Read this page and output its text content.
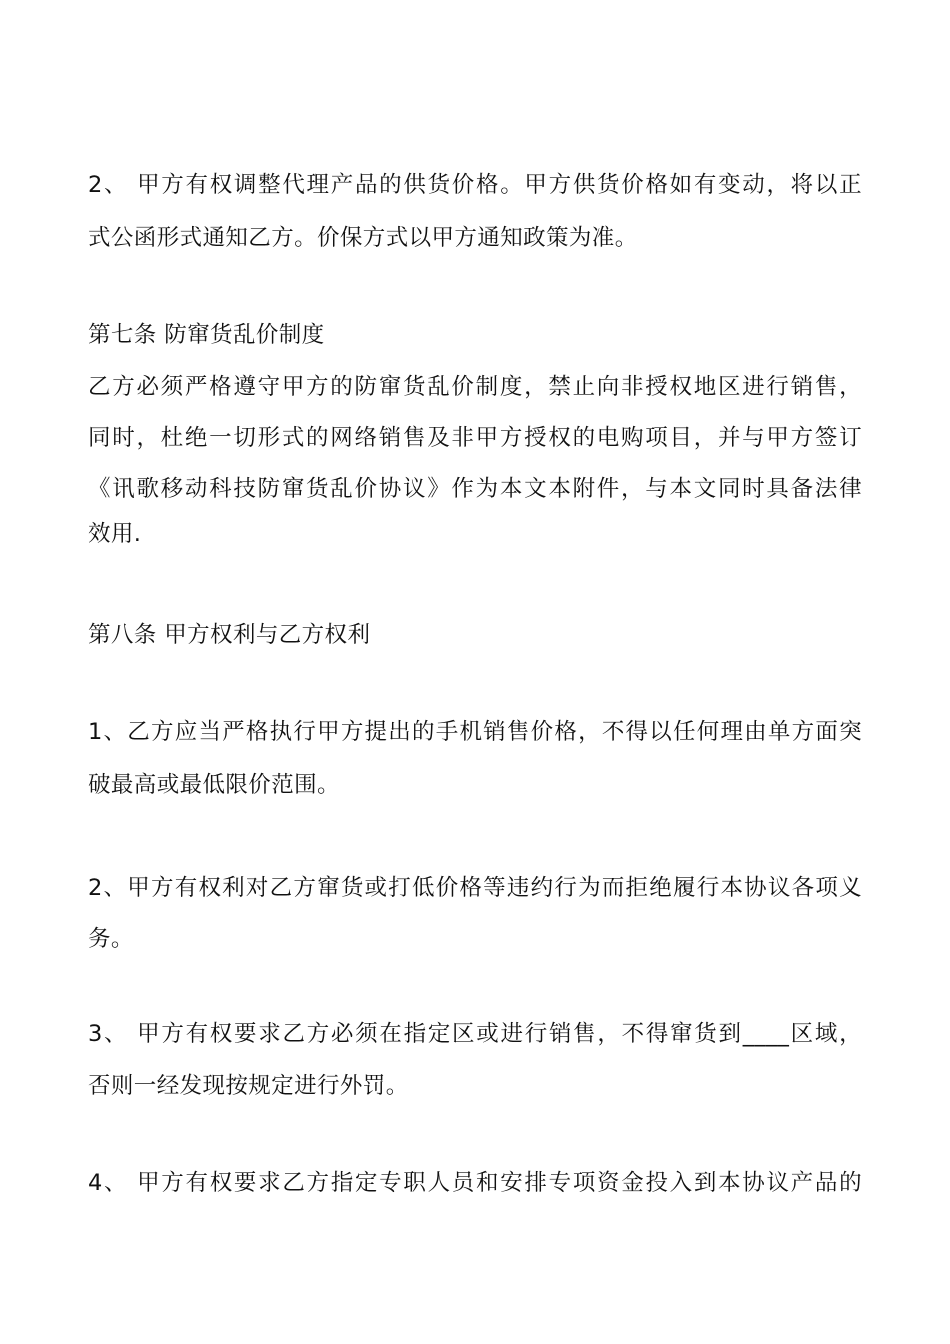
2、 甲方有权调整代理产品的供货价格。甲方供货价格如有变动，将以正
式公函形式通知乙方。价保方式以甲方通知政策为准。
第七条 防窜货乱价制度
乙方必须严格遵守甲方的防窜货乱价制度，禁止向非授权地区进行销售，
同时，杜绝一切形式的网络销售及非甲方授权的电购项目，并与甲方签订
《讯歌移动科技防窜货乱价协议》作为本文本附件，与本文同时具备法律
效用.
第八条 甲方权利与乙方权利
1、乙方应当严格执行甲方提出的手机销售价格，不得以任何理由单方面突
破最高或最低限价范围。
2、甲方有权利对乙方窜货或打低价格等违约行为而拒绝履行本协议各项义
务。
3、 甲方有权要求乙方必须在指定区或进行销售，不得窜货到____区域，
否则一经发现按规定进行外罚。
4、 甲方有权要求乙方指定专职人员和安排专项资金投入到本协议产品的
